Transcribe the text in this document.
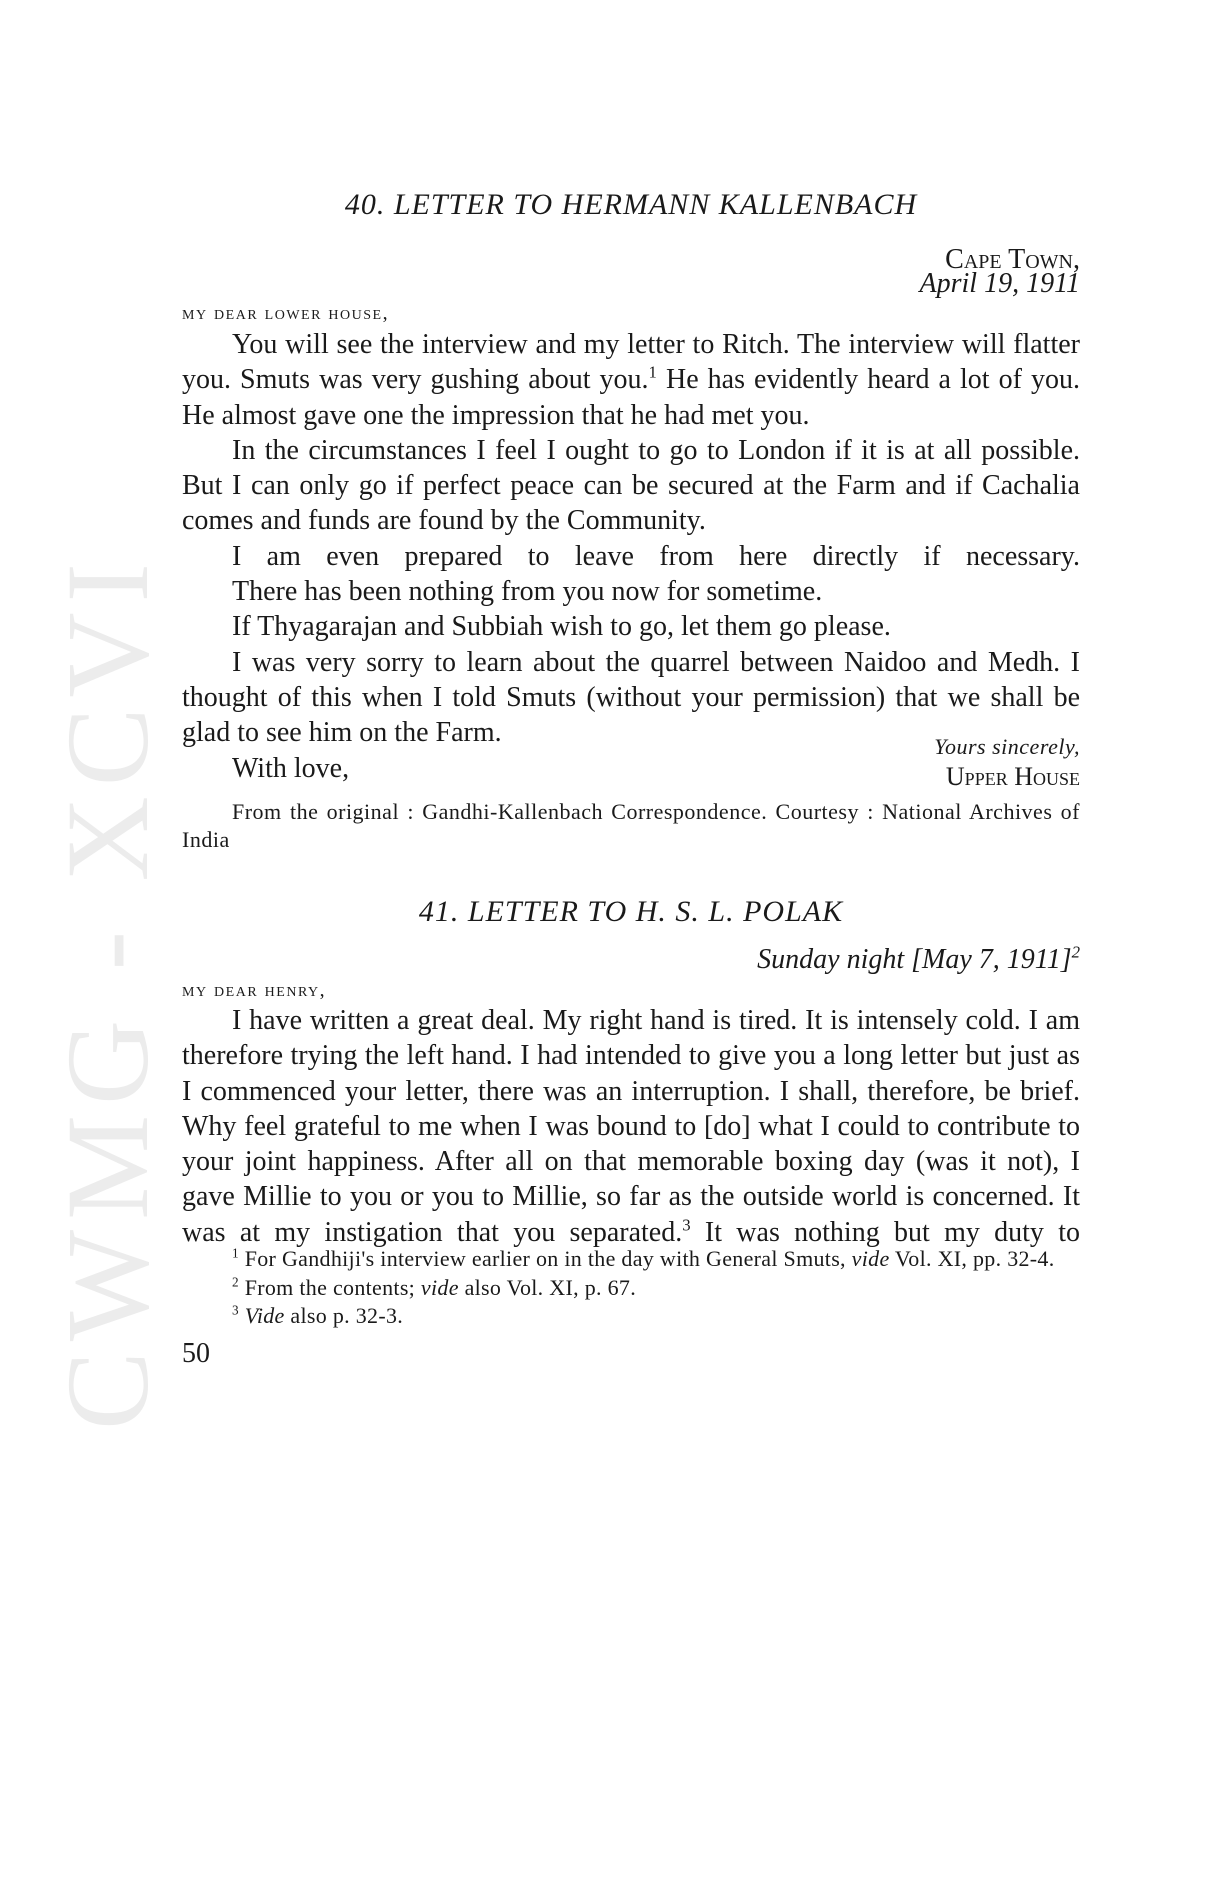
CWMG - XCVI
40. LETTER TO HERMANN KALLENBACH
Cape Town,
April 19, 1911
my dear lower house,

You will see the interview and my letter to Ritch. The interview will flatter you. Smuts was very gushing about you.$^1$ He has evidently heard a lot of you. He almost gave one the impression that he had met you.

In the circumstances I feel I ought to go to London if it is at all possible. But I can only go if perfect peace can be secured at the Farm and if Cachalia comes and funds are found by the Community.

I am even prepared to leave from here directly if necessary.

There has been nothing from you now for sometime.

If Thyagarajan and Subbiah wish to go, let them go please.

I was very sorry to learn about the quarrel between Naidoo and Medh. I thought of this when I told Smuts (without your permission) that we shall be glad to see him on the Farm.

With love,

Yours sincerely,
Upper House

From the original : Gandhi-Kallenbach Correspondence. Courtesy : National Archives of India

41. LETTER TO H. S. L. POLAK
Sunday night [May 7, 1911]$^2$
my dear henry,

I have written a great deal. My right hand is tired. It is intensely cold. I am therefore trying the left hand. I had intended to give you a long letter but just as I commenced your letter, there was an interruption. I shall, therefore, be brief. Why feel grateful to me when I was bound to [do] what I could to contribute to your joint happiness. After all on that memorable boxing day (was it not), I gave Millie to you or you to Millie, so far as the outside world is concerned. It was at my instigation that you separated.$^3$ It was nothing but my duty to

$^1$ For Gandhiji's interview earlier on in the day with General Smuts, vide Vol. XI, pp. 32-4.

$^2$ From the contents; vide also Vol. XI, p. 67.

$^3$ Vide also p. 32-3.

50
